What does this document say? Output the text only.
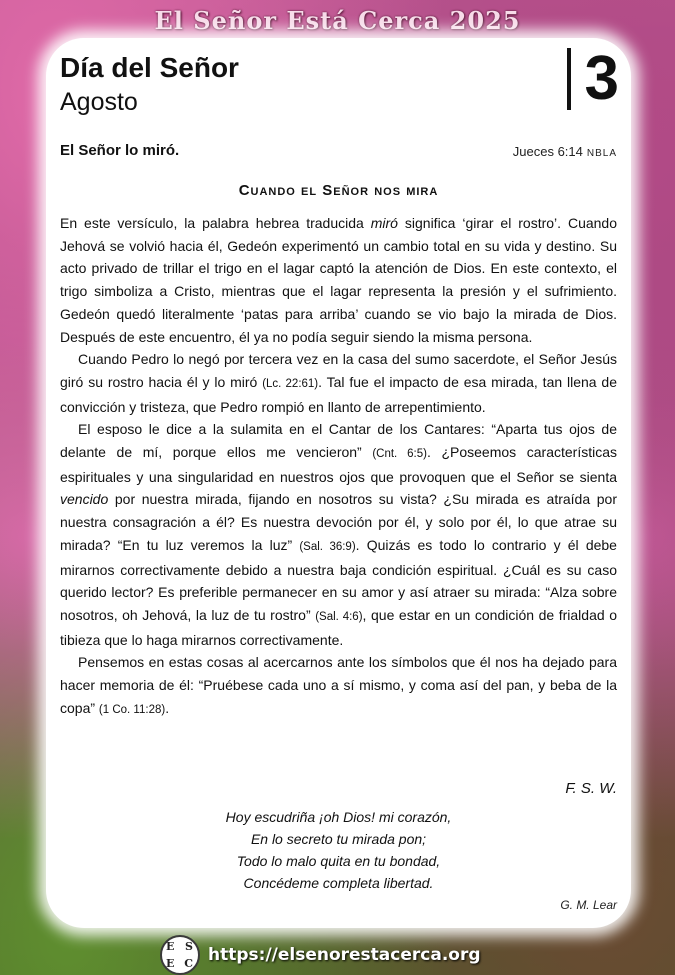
El Señor Está Cerca 2025
Día del Señor
Agosto	3
El Señor lo miró.	Jueces 6:14 NBLA
Cuando el Señor nos mira

En este versículo, la palabra hebrea traducida miró significa ‘girar el rostro’. Cuando Jehová se volvió hacia él, Gedeón experimentó un cambio total en su vida y destino. Su acto privado de trillar el trigo en el lagar captó la atención de Dios. En este contexto, el trigo simboliza a Cristo, mientras que el lagar representa la presión y el sufrimiento. Gedeón quedó literalmente ‘patas para arriba’ cuando se vio bajo la mirada de Dios. Después de este encuentro, él ya no podía seguir siendo la misma persona.

Cuando Pedro lo negó por tercera vez en la casa del sumo sacerdote, el Señor Jesús giró su rostro hacia él y lo miró (Lc. 22:61). Tal fue el impacto de esa mirada, tan llena de convicción y tristeza, que Pedro rompió en llanto de arrepentimiento.

El esposo le dice a la sulamita en el Cantar de los Cantares: “Aparta tus ojos de delante de mí, porque ellos me vencieron” (Cnt. 6:5). ¿Poseemos características espirituales y una singularidad en nuestros ojos que provoquen que el Señor se sienta vencido por nuestra mirada, fijando en nosotros su vista? ¿Su mirada es atraída por nuestra consagración a él? Es nuestra devoción por él, y solo por él, lo que atrae su mirada? “En tu luz veremos la luz” (Sal. 36:9). Quizás es todo lo contrario y él debe mirarnos correctivamente debido a nuestra baja condición espiritual. ¿Cuál es su caso querido lector? Es preferible permanecer en su amor y así atraer su mirada: “Alza sobre nosotros, oh Jehová, la luz de tu rostro” (Sal. 4:6), que estar en un condición de frialdad o tibieza que lo haga mirarnos correctivamente.

Pensemos en estas cosas al acercarnos ante los símbolos que él nos ha dejado para hacer memoria de él: “Pruébese cada uno a sí mismo, y coma así del pan, y beba de la copa” (1 Co. 11:28).

F. S. W.
Hoy escudriña ¡oh Dios! mi corazón,
En lo secreto tu mirada pon;
Todo lo malo quita en tu bondad,
Concédeme completa libertad.
G. M. Lear
E S
E C https://elsenorestacerca.org
